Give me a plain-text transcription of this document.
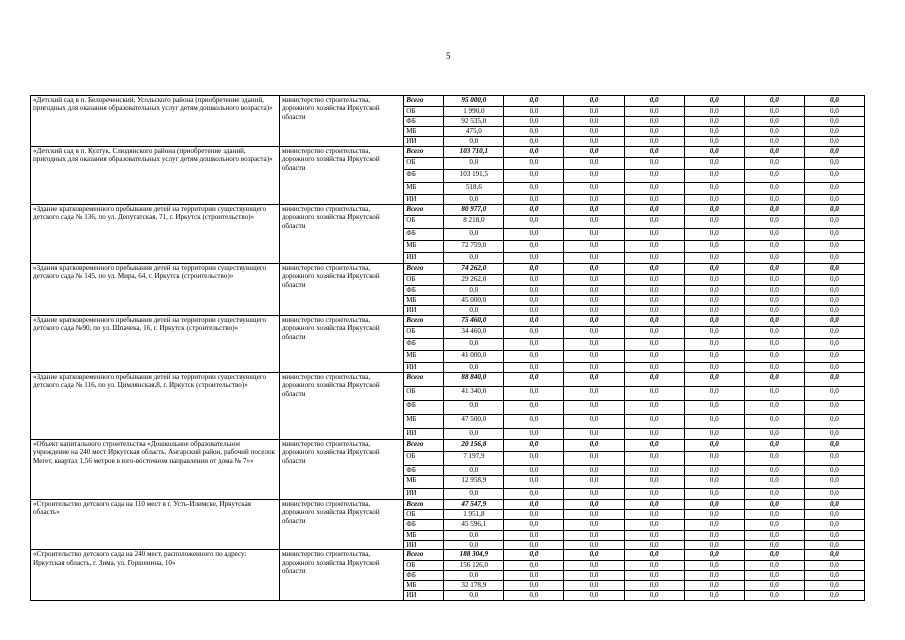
5
«Детский сад в п. Белореченский, Усольского района (приобретение зданий, пригодных для оказания образовательных услуг детям дошкольного возраста)»	министерство строительства, дорожного хозяйства Иркутской области	Всего	95 000,0	0,0	0,0	0,0	0,0	0,0	0,0
		ОБ	1 990,0	0,0	0,0	0,0	0,0	0,0	0,0
		ФБ	92 535,0	0,0	0,0	0,0	0,0	0,0	0,0
		МБ	475,0	0,0	0,0	0,0	0,0	0,0	0,0
		ИИ	0,0	0,0	0,0	0,0	0,0	0,0	0,0
«Детский сад в п. Култук, Слюдянского района (приобретение зданий, пригодных для оказания образовательных услуг детям дошкольного возраста)»	министерство строительства, дорожного хозяйства Иркутской области	Всего	103 710,1	0,0	0,0	0,0	0,0	0,0	0,0
		ОБ	0,0	0,0	0,0	0,0	0,0	0,0	0,0
		ФБ	103 191,5	0,0	0,0	0,0	0,0	0,0	0,0
		МБ	518,6	0,0	0,0	0,0	0,0	0,0	0,0
		ИИ	0,0	0,0	0,0	0,0	0,0	0,0	0,0
«Здание кратковременного пребывания детей на территории существующего детского сада № 136, по ул. Депутатская, 71, г. Иркутск (строительство)»	министерство строительства, дорожного хозяйства Иркутской области	Всего	80 977,0	0,0	0,0	0,0	0,0	0,0	0,0
		ОБ	8 218,0	0,0	0,0	0,0	0,0	0,0	0,0
		ФБ	0,0	0,0	0,0	0,0	0,0	0,0	0,0
		МБ	72 759,0	0,0	0,0	0,0	0,0	0,0	0,0
		ИИ	0,0	0,0	0,0	0,0	0,0	0,0	0,0
«Здания кратковременного пребывания детей на территории существующего детского сада № 145, по ул. Мира, 64, г. Иркутск (строительство)»	министерство строительства, дорожного хозяйства Иркутской области	Всего	74 262,0	0,0	0,0	0,0	0,0	0,0	0,0
		ОБ	29 262,0	0,0	0,0	0,0	0,0	0,0	0,0
		ФБ	0,0	0,0	0,0	0,0	0,0	0,0	0,0
		МБ	45 000,0	0,0	0,0	0,0	0,0	0,0	0,0
		ИИ	0,0	0,0	0,0	0,0	0,0	0,0	0,0
«Здание кратковременного пребывания детей на территории существующего детского сада №90, по ул. Шпачека, 16, г. Иркутск (строительство)»	министерство строительства, дорожного хозяйства Иркутской области	Всего	75 460,0	0,0	0,0	0,0	0,0	0,0	0,0
		ОБ	34 460,0	0,0	0,0	0,0	0,0	0,0	0,0
		ФБ	0,0	0,0	0,0	0,0	0,0	0,0	0,0
		МБ	41 000,0	0,0	0,0	0,0	0,0	0,0	0,0
		ИИ	0,0	0,0	0,0	0,0	0,0	0,0	0,0
«Здание кратковременного пребывания детей на территории существующего детского сада № 116, по ул. Цимлянская,8, г. Иркутск (строительство)»	министерство строительства, дорожного хозяйства Иркутской области	Всего	88 840,0	0,0	0,0	0,0	0,0	0,0	0,0
		ОБ	41 340,0	0,0	0,0	0,0	0,0	0,0	0,0
		ФБ	0,0	0,0	0,0	0,0	0,0	0,0	0,0
		МБ	47 500,0	0,0	0,0	0,0	0,0	0,0	0,0
		ИИ	0,0	0,0	0,0	0,0	0,0	0,0	0,0
«Объект капитального строительства «Дошкольное образовательное учреждение на 240 мест Иркутская область, Ангарский район, рабочий поселок Мегет, квартал 1,56 метров в юго-восточном направлении от дома № 7»»	министерство строительства, дорожного хозяйства Иркутской области	Всего	20 156,8	0,0	0,0	0,0	0,0	0,0	0,0
		ОБ	7 197,9	0,0	0,0	0,0	0,0	0,0	0,0
		ФБ	0,0	0,0	0,0	0,0	0,0	0,0	0,0
		МБ	12 958,9	0,0	0,0	0,0	0,0	0,0	0,0
		ИИ	0,0	0,0	0,0	0,0	0,0	0,0	0,0
«Строительство детского сада на 110 мест в г. Усть-Илимске, Иркутская область»	министерство строительства, дорожного хозяйства Иркутской области	Всего	47 547,9	0,0	0,0	0,0	0,0	0,0	0,0
		ОБ	1 951,8	0,0	0,0	0,0	0,0	0,0	0,0
		ФБ	45 596,1	0,0	0,0	0,0	0,0	0,0	0,0
		МБ	0,0	0,0	0,0	0,0	0,0	0,0	0,0
		ИИ	0,0	0,0	0,0	0,0	0,0	0,0	0,0
«Строительство детского сада на 240 мест, расположенного по адресу: Иркутская область, г. Зима, ул. Горшенина, 10»	министерство строительства, дорожного хозяйства Иркутской области	Всего	188 304,9	0,0	0,0	0,0	0,0	0,0	0,0
		ОБ	156 126,0	0,0	0,0	0,0	0,0	0,0	0,0
		ФБ	0,0	0,0	0,0	0,0	0,0	0,0	0,0
		МБ	32 178,9	0,0	0,0	0,0	0,0	0,0	0,0
		ИИ	0,0	0,0	0,0	0,0	0,0	0,0	0,0
